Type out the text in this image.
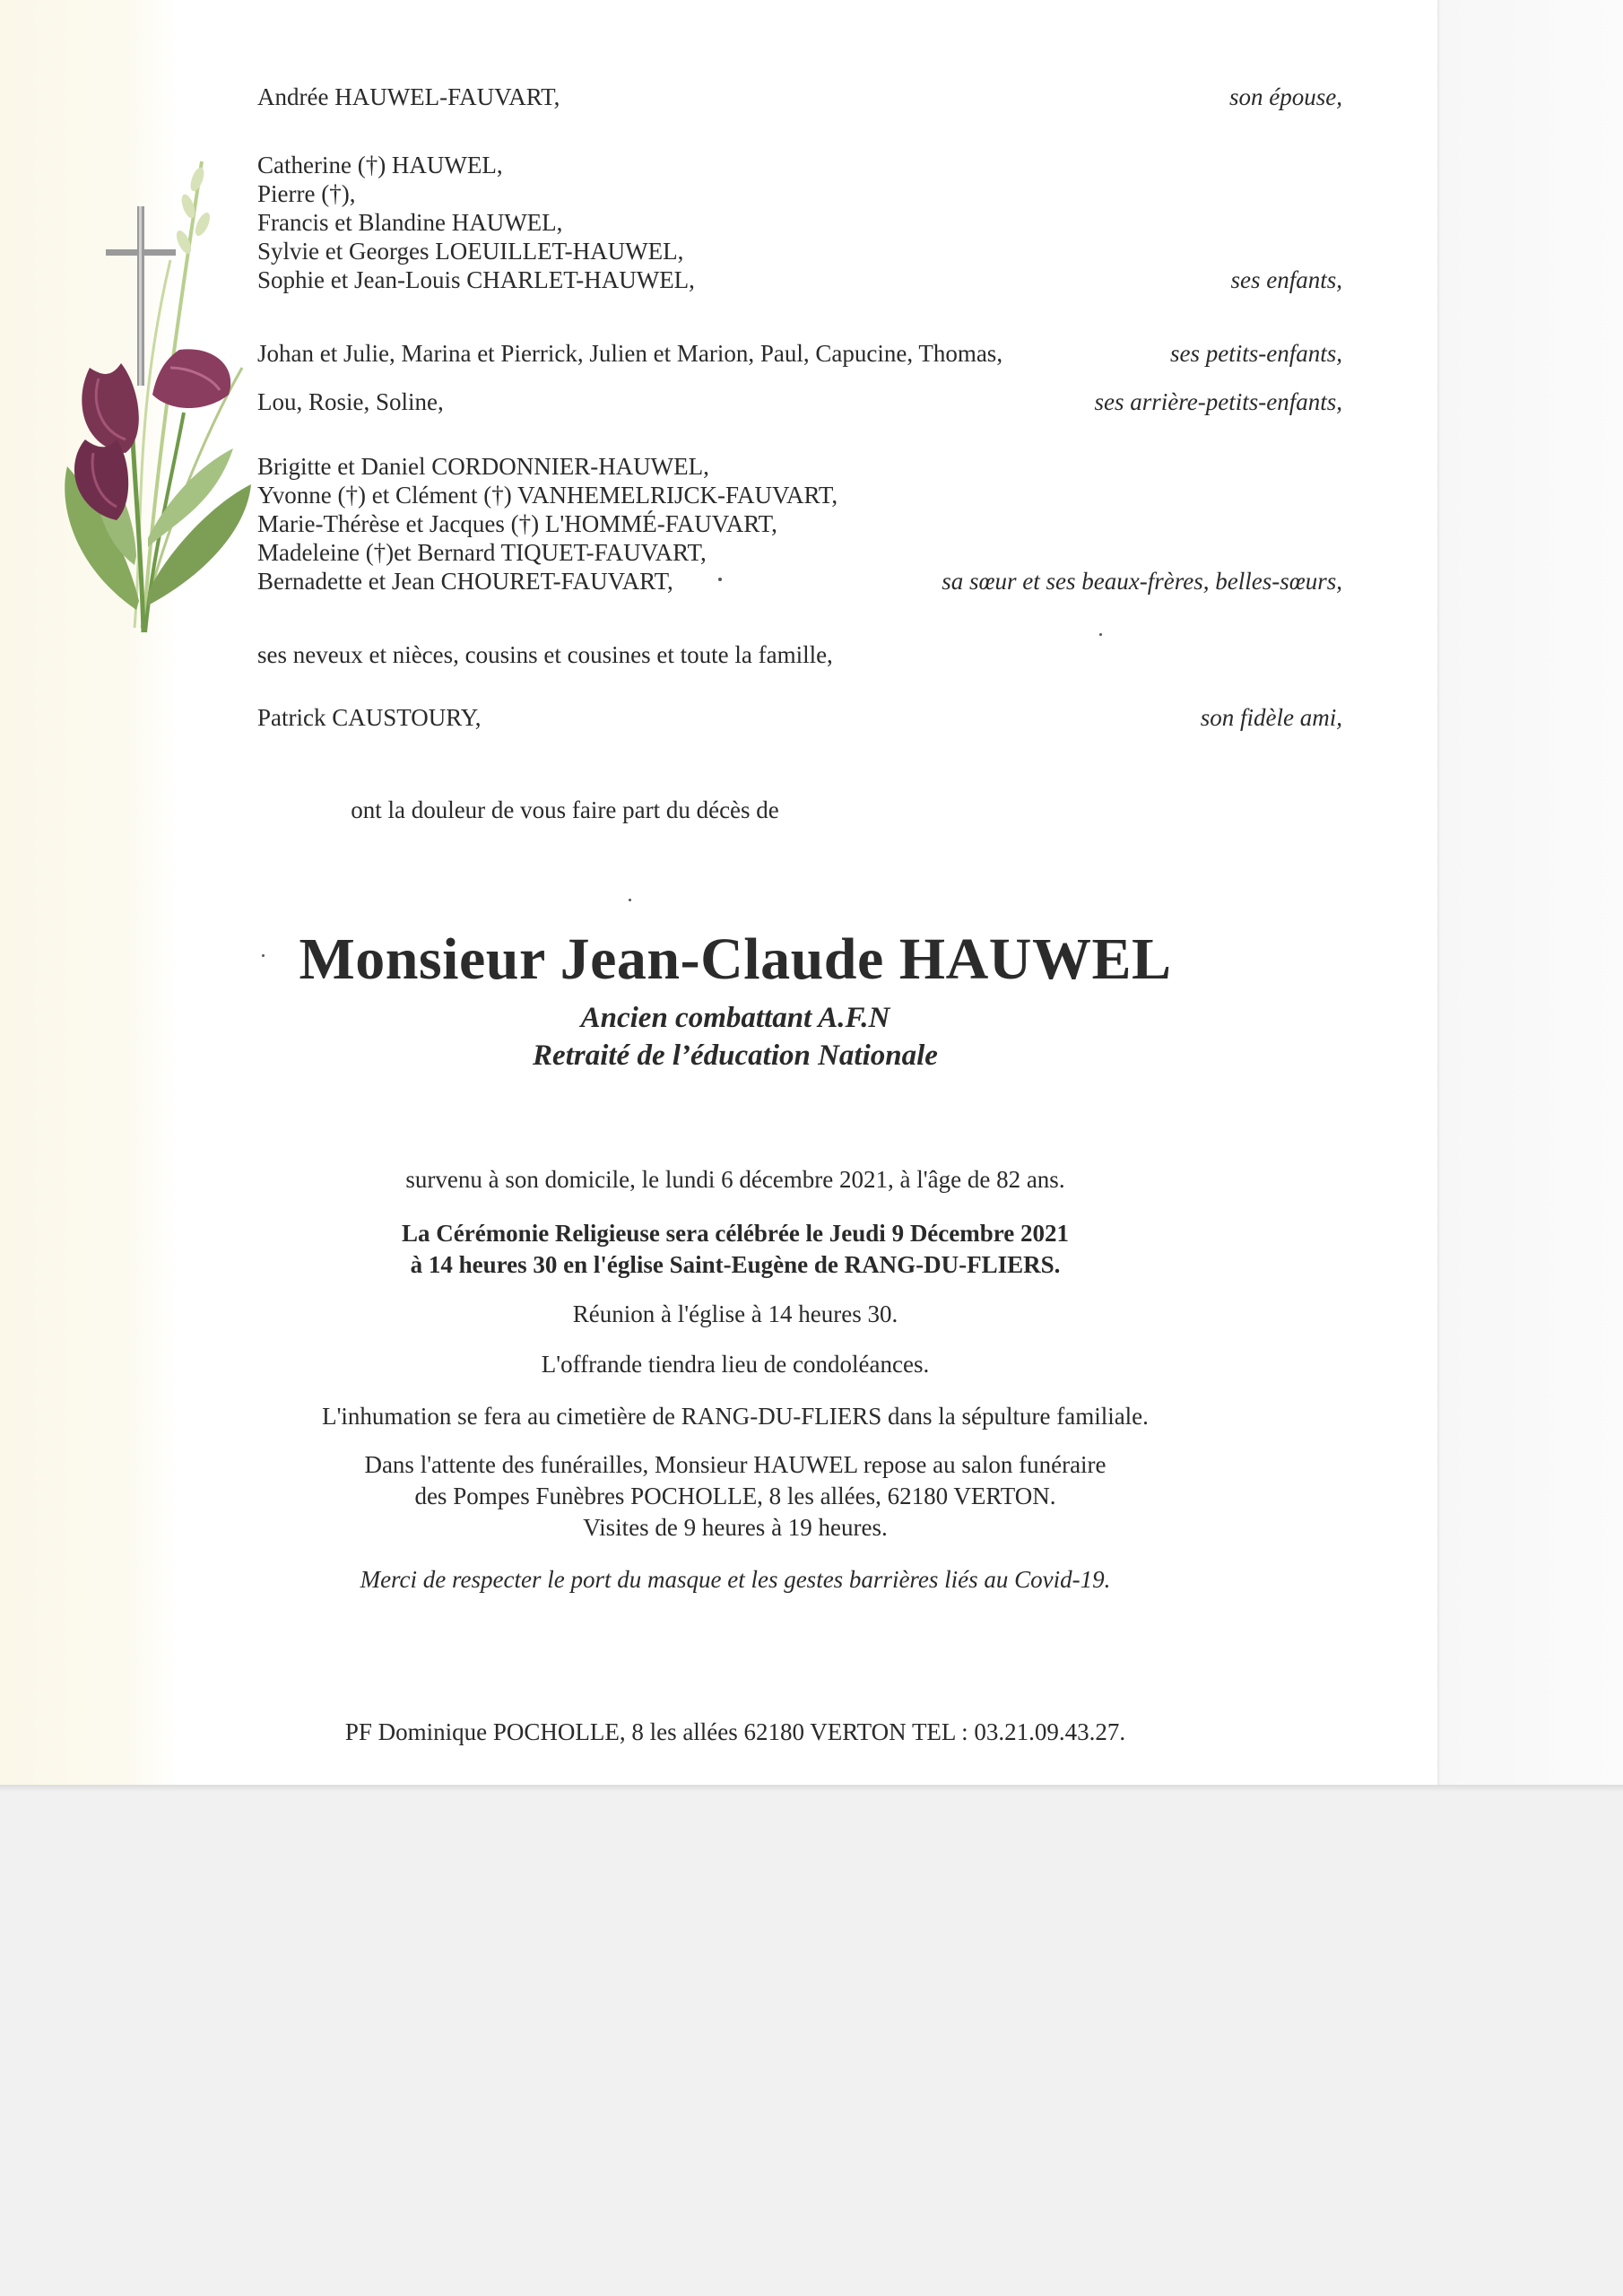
Andrée HAUWEL-FAUVART,	son épouse,
Catherine (†) HAUWEL,
Pierre (†),
Francis et Blandine HAUWEL,
Sylvie et Georges LOEUILLET-HAUWEL,
Sophie et Jean-Louis CHARLET-HAUWEL,	ses enfants,
Johan et Julie, Marina et Pierrick, Julien et Marion, Paul, Capucine, Thomas,	ses petits-enfants,
Lou, Rosie, Soline,	ses arrière-petits-enfants,
Brigitte et Daniel CORDONNIER-HAUWEL,
Yvonne (†) et Clément (†) VANHEMELRIJCK-FAUVART,
Marie-Thérèse et Jacques (†) L'HOMMÉ-FAUVART,
Madeleine (†)et Bernard TIQUET-FAUVART,
Bernadette et Jean CHOURET-FAUVART,	sa sœur et ses beaux-frères, belles-sœurs,
ses neveux et nièces, cousins et cousines et toute la famille,
Patrick CAUSTOURY,	son fidèle ami,
ont la douleur de vous faire part du décès de
Monsieur Jean-Claude HAUWEL
Ancien combattant A.F.N
Retraité de l’éducation Nationale
survenu à son domicile, le lundi 6 décembre 2021, à l'âge de 82 ans.
La Cérémonie Religieuse sera célébrée le Jeudi 9 Décembre 2021
à 14 heures 30 en l'église Saint-Eugène de RANG-DU-FLIERS.
Réunion à l'église à 14 heures 30.
L'offrande tiendra lieu de condoléances.
L'inhumation se fera au cimetière de RANG-DU-FLIERS dans la sépulture familiale.
Dans l'attente des funérailles, Monsieur HAUWEL repose au salon funéraire
des Pompes Funèbres POCHOLLE, 8 les allées, 62180 VERTON.
Visites de 9 heures à 19 heures.
Merci de respecter le port du masque et les gestes barrières liés au Covid-19.
PF Dominique POCHOLLE, 8 les allées 62180 VERTON TEL : 03.21.09.43.27.
